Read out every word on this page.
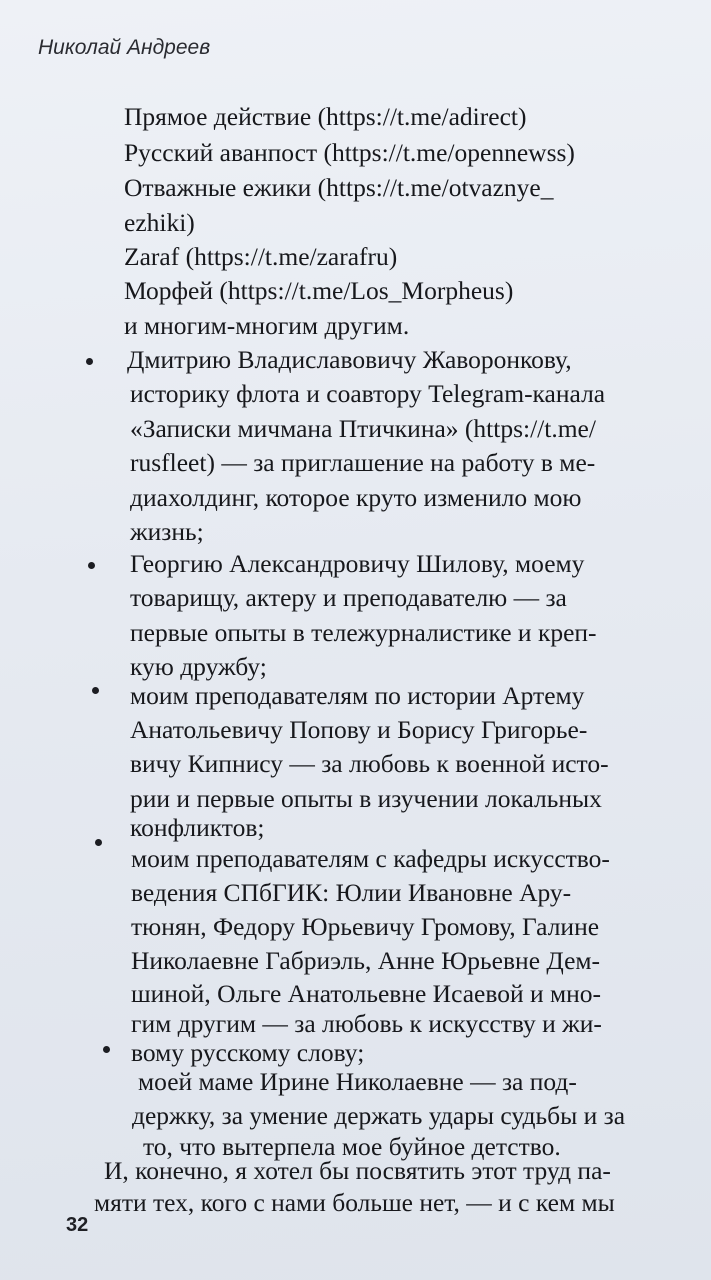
Николай Андреев
Прямое действие (https://t.me/adirect)
Русский аванпост (https://t.me/opennewss)
Отважные ежики (https://t.me/otvaznye_
ezhiki)
Zaraf (https://t.me/zarafru)
Морфей (https://t.me/Los_Morpheus)
и многим-многим другим.
Дмитрию Владиславовичу Жаворонкову,
историку флота и соавтору Telegram-канала
«Записки мичмана Птичкина» (https://t.me/
rusfleet) — за приглашение на работу в ме-
диахолдинг, которое круто изменило мою
жизнь;
Георгию Александровичу Шилову, моему
товарищу, актеру и преподавателю — за
первые опыты в тележурналистике и креп-
кую дружбу;
моим преподавателям по истории Артему
Анатольевичу Попову и Борису Григорье-
вичу Кипнису — за любовь к военной исто-
рии и первые опыты в изучении локальных
конфликтов;
моим преподавателям с кафедры искусство-
ведения СПбГИК: Юлии Ивановне Ару-
тюнян, Федору Юрьевичу Громову, Галине
Николаевне Габриэль, Анне Юрьевне Дем-
шиной, Ольге Анатольевне Исаевой и мно-
гим другим — за любовь к искусству и жи-
вому русскому слову;
моей маме Ирине Николаевне — за под-
держку, за умение держать удары судьбы и за
то, что вытерпела мое буйное детство.
И, конечно, я хотел бы посвятить этот труд па-
мяти тех, кого с нами больше нет, — и с кем мы
32
